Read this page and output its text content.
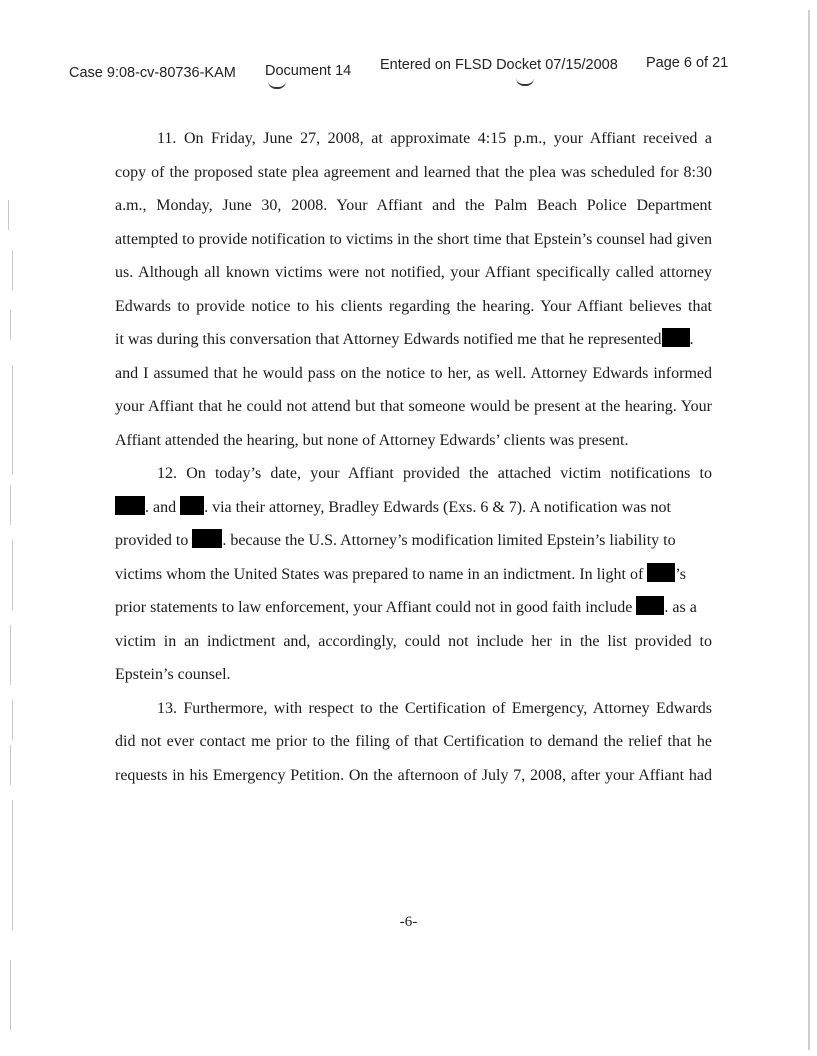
Case 9:08-cv-80736-KAM Document 14 Entered on FLSD Docket 07/15/2008 Page 6 of 21
11. On Friday, June 27, 2008, at approximate 4:15 p.m., your Affiant received a
copy of the proposed state plea agreement and learned that the plea was scheduled for 8:30
a.m., Monday, June 30, 2008. Your Affiant and the Palm Beach Police Department
attempted to provide notification to victims in the short time that Epstein’s counsel had given
us. Although all known victims were not notified, your Affiant specifically called attorney
Edwards to provide notice to his clients regarding the hearing. Your Affiant believes that
it was during this conversation that Attorney Edwards notified me that he represented .
and I assumed that he would pass on the notice to her, as well. Attorney Edwards informed
your Affiant that he could not attend but that someone would be present at the hearing. Your
Affiant attended the hearing, but none of Attorney Edwards’ clients was present.
12. On today’s date, your Affiant provided the attached victim notifications to
. and . via their attorney, Bradley Edwards (Exs. 6 & 7). A notification was not
provided to . because the U.S. Attorney’s modification limited Epstein’s liability to
victims whom the United States was prepared to name in an indictment. In light of ’s
prior statements to law enforcement, your Affiant could not in good faith include . as a
victim in an indictment and, accordingly, could not include her in the list provided to
Epstein’s counsel.
13. Furthermore, with respect to the Certification of Emergency, Attorney Edwards
did not ever contact me prior to the filing of that Certification to demand the relief that he
requests in his Emergency Petition. On the afternoon of July 7, 2008, after your Affiant had
-6-
